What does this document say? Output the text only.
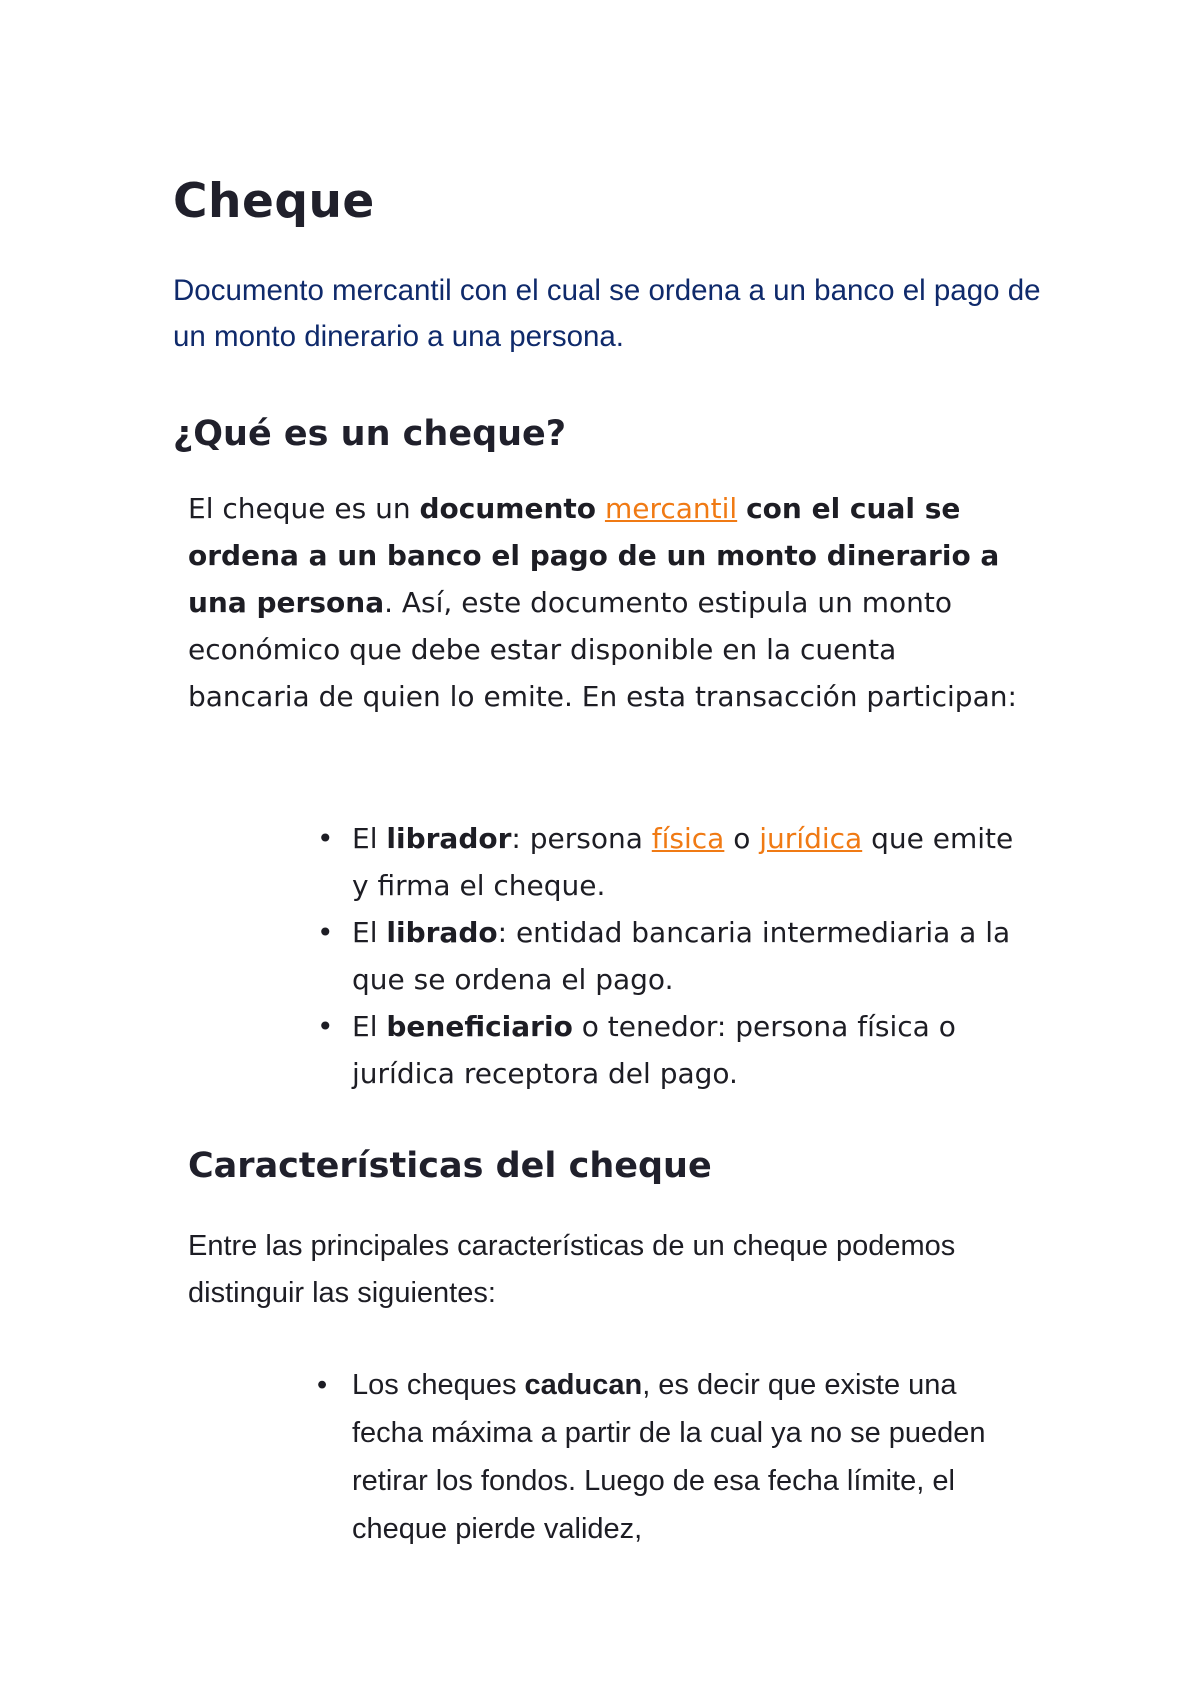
Cheque

Documento mercantil con el cual se ordena a un banco el pago de un monto dinerario a una persona.

¿Qué es un cheque?

El cheque es un documento mercantil con el cual se ordena a un banco el pago de un monto dinerario a una persona. Así, este documento estipula un monto económico que debe estar disponible en la cuenta bancaria de quien lo emite. En esta transacción participan:

• El librador: persona física o jurídica que emite y firma el cheque.
• El librado: entidad bancaria intermediaria a la que se ordena el pago.
• El beneficiario o tenedor: persona física o jurídica receptora del pago.
Características del cheque

Entre las principales características de un cheque podemos distinguir las siguientes:

• Los cheques caducan, es decir que existe una fecha máxima a partir de la cual ya no se pueden retirar los fondos. Luego de esa fecha límite, el cheque pierde validez,
